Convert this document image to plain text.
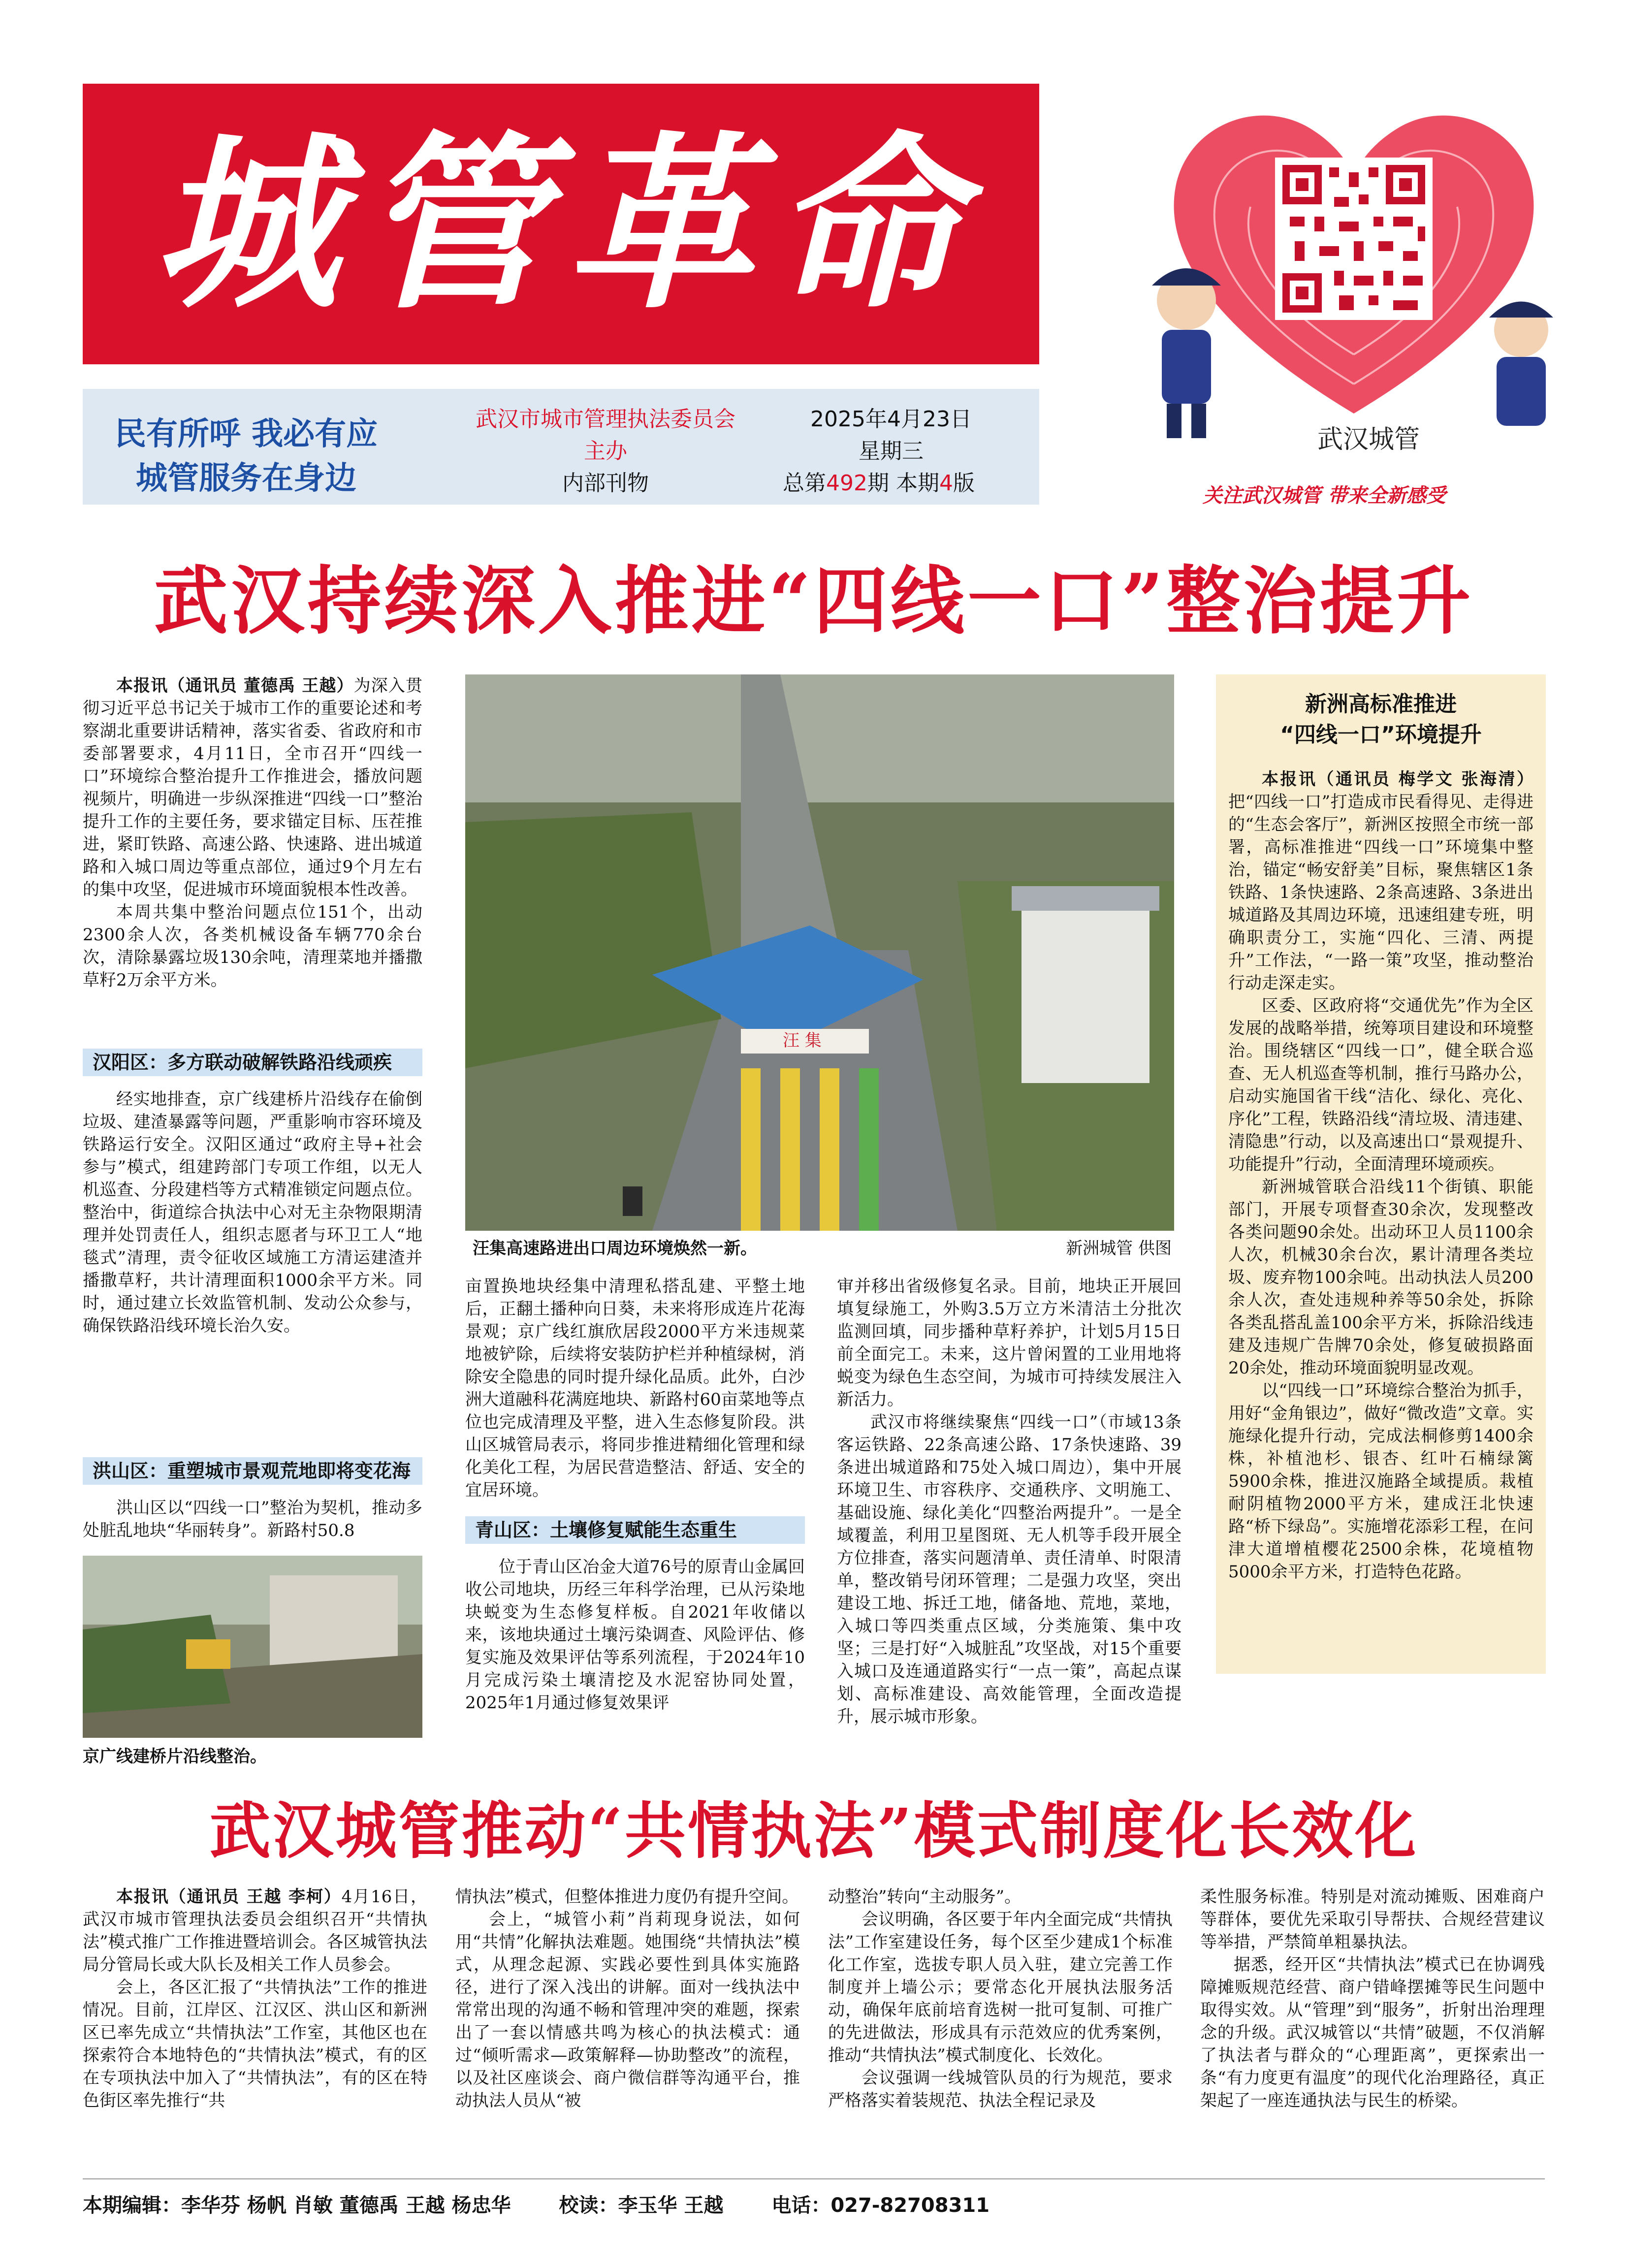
城管革命
民有所呼 我必有应
城管服务在身边
武汉市城市管理执法委员会
主办
内部刊物
2025年4月23日
星期三
总第492期 本期4版
武汉城管
关注武汉城管 带来全新感受
武汉持续深入推进“四线一口”整治提升

本报讯（通讯员 董德禹 王越）为深入贯彻习近平总书记关于城市工作的重要论述和考察湖北重要讲话精神，落实省委、省政府和市委部署要求，4月11日，全市召开“四线一口”环境综合整治提升工作推进会，播放问题视频片，明确进一步纵深推进“四线一口”整治提升工作的主要任务，要求锚定目标、压茬推进，紧盯铁路、高速公路、快速路、进出城道路和入城口周边等重点部位，通过9个月左右的集中攻坚，促进城市环境面貌根本性改善。

本周共集中整治问题点位151个，出动2300余人次，各类机械设备车辆770余台次，清除暴露垃圾130余吨，清理菜地并播撒草籽2万余平方米。

汉阳区：多方联动破解铁路沿线顽疾

经实地排查，京广线建桥片沿线存在偷倒垃圾、建渣暴露等问题，严重影响市容环境及铁路运行安全。汉阳区通过“政府主导+社会参与”模式，组建跨部门专项工作组，以无人机巡查、分段建档等方式精准锁定问题点位。整治中，街道综合执法中心对无主杂物限期清理并处罚责任人，组织志愿者与环卫工人“地毯式”清理，责令征收区域施工方清运建渣并播撒草籽，共计清理面积1000余平方米。同时，通过建立长效监管机制、发动公众参与，确保铁路沿线环境长治久安。

洪山区：重塑城市景观荒地即将变花海

洪山区以“四线一口”整治为契机，推动多处脏乱地块“华丽转身”。新路村50.8

京广线建桥片沿线整治。
汪 集
汪集高速路进出口周边环境焕然一新。	新洲城管 供图

亩置换地块经集中清理私搭乱建、平整土地后，正翻土播种向日葵，未来将形成连片花海景观；京广线红旗欣居段2000平方米违规菜地被铲除，后续将安装防护栏并种植绿树，消除安全隐患的同时提升绿化品质。此外，白沙洲大道融科花满庭地块、新路村60亩菜地等点位也完成清理及平整，进入生态修复阶段。洪山区城管局表示，将同步推进精细化管理和绿化美化工程，为居民营造整洁、舒适、安全的宜居环境。

青山区：土壤修复赋能生态重生

位于青山区冶金大道76号的原青山金属回收公司地块，历经三年科学治理，已从污染地块蜕变为生态修复样板。自2021年收储以来，该地块通过土壤污染调查、风险评估、修复实施及效果评估等系列流程，于2024年10月完成污染土壤清挖及水泥窑协同处置，2025年1月通过修复效果评

审并移出省级修复名录。目前，地块正开展回填复绿施工，外购3.5万立方米清洁土分批次监测回填，同步播种草籽养护，计划5月15日前全面完工。未来，这片曾闲置的工业用地将蜕变为绿色生态空间，为城市可持续发展注入新活力。

武汉市将继续聚焦“四线一口”（市域13条客运铁路、22条高速公路、17条快速路、39条进出城道路和75处入城口周边），集中开展环境卫生、市容秩序、交通秩序、文明施工、基础设施、绿化美化“四整治两提升”。一是全域覆盖，利用卫星图斑、无人机等手段开展全方位排查，落实问题清单、责任清单、时限清单，整改销号闭环管理；二是强力攻坚，突出建设工地、拆迁工地，储备地、荒地，菜地，入城口等四类重点区域，分类施策、集中攻坚；三是打好“入城脏乱”攻坚战，对15个重要入城口及连通道路实行“一点一策”，高起点谋划、高标准建设、高效能管理，全面改造提升，展示城市形象。

新洲高标准推进
“四线一口”环境提升

本报讯（通讯员 梅学文 张海清）把“四线一口”打造成市民看得见、走得进的“生态会客厅”，新洲区按照全市统一部署，高标准推进“四线一口”环境集中整治，锚定“畅安舒美”目标，聚焦辖区1条铁路、1条快速路、2条高速路、3条进出城道路及其周边环境，迅速组建专班，明确职责分工，实施“四化、三清、两提升”工作法，“一路一策”攻坚，推动整治行动走深走实。

区委、区政府将“交通优先”作为全区发展的战略举措，统筹项目建设和环境整治。围绕辖区“四线一口”，健全联合巡查、无人机巡查等机制，推行马路办公，启动实施国省干线“洁化、绿化、亮化、序化”工程，铁路沿线“清垃圾、清违建、清隐患”行动，以及高速出口“景观提升、功能提升”行动，全面清理环境顽疾。

新洲城管联合沿线11个街镇、职能部门，开展专项督查30余次，发现整改各类问题90余处。出动环卫人员1100余人次，机械30余台次，累计清理各类垃圾、废弃物100余吨。出动执法人员200余人次，查处违规种养等50余处，拆除各类乱搭乱盖100余平方米，拆除沿线违建及违规广告牌70余处，修复破损路面20余处，推动环境面貌明显改观。

以“四线一口”环境综合整治为抓手，用好“金角银边”，做好“微改造”文章。实施绿化提升行动，完成法桐修剪1400余株，补植池杉、银杏、红叶石楠绿篱5900余株，推进汉施路全域提质。栽植耐阴植物2000平方米，建成汪北快速路“桥下绿岛”。实施增花添彩工程，在问津大道增植樱花2500余株，花境植物5000余平方米，打造特色花路。

武汉城管推动“共情执法”模式制度化长效化

本报讯（通讯员 王越 李柯）4月16日，武汉市城市管理执法委员会组织召开“共情执法”模式推广工作推进暨培训会。各区城管执法局分管局长或大队长及相关工作人员参会。

会上，各区汇报了“共情执法”工作的推进情况。目前，江岸区、江汉区、洪山区和新洲区已率先成立“共情执法”工作室，其他区也在探索符合本地特色的“共情执法”模式，有的区在专项执法中加入了“共情执法”，有的区在特色街区率先推行“共

情执法”模式，但整体推进力度仍有提升空间。

会上，“城管小莉”肖莉现身说法，如何用“共情”化解执法难题。她围绕“共情执法”模式，从理念起源、实践必要性到具体实施路径，进行了深入浅出的讲解。面对一线执法中常常出现的沟通不畅和管理冲突的难题，探索出了一套以情感共鸣为核心的执法模式：通过“倾听需求—政策解释—协助整改”的流程，以及社区座谈会、商户微信群等沟通平台，推动执法人员从“被

动整治”转向“主动服务”。

会议明确，各区要于年内全面完成“共情执法”工作室建设任务，每个区至少建成1个标准化工作室，选拔专职人员入驻，建立完善工作制度并上墙公示；要常态化开展执法服务活动，确保年底前培育选树一批可复制、可推广的先进做法，形成具有示范效应的优秀案例，推动“共情执法”模式制度化、长效化。

会议强调一线城管队员的行为规范，要求严格落实着装规范、执法全程记录及

柔性服务标准。特别是对流动摊贩、困难商户等群体，要优先采取引导帮扶、合规经营建议等举措，严禁简单粗暴执法。

据悉，经开区“共情执法”模式已在协调残障摊贩规范经营、商户错峰摆摊等民生问题中取得实效。从“管理”到“服务”，折射出治理理念的升级。武汉城管以“共情”破题，不仅消解了执法者与群众的“心理距离”，更探索出一条“有力度更有温度”的现代化治理路径，真正架起了一座连通执法与民生的桥梁。

本期编辑：李华芬 杨帆 肖敏 董德禹 王越 杨忠华 校读：李玉华 王越 电话：027-82708311
